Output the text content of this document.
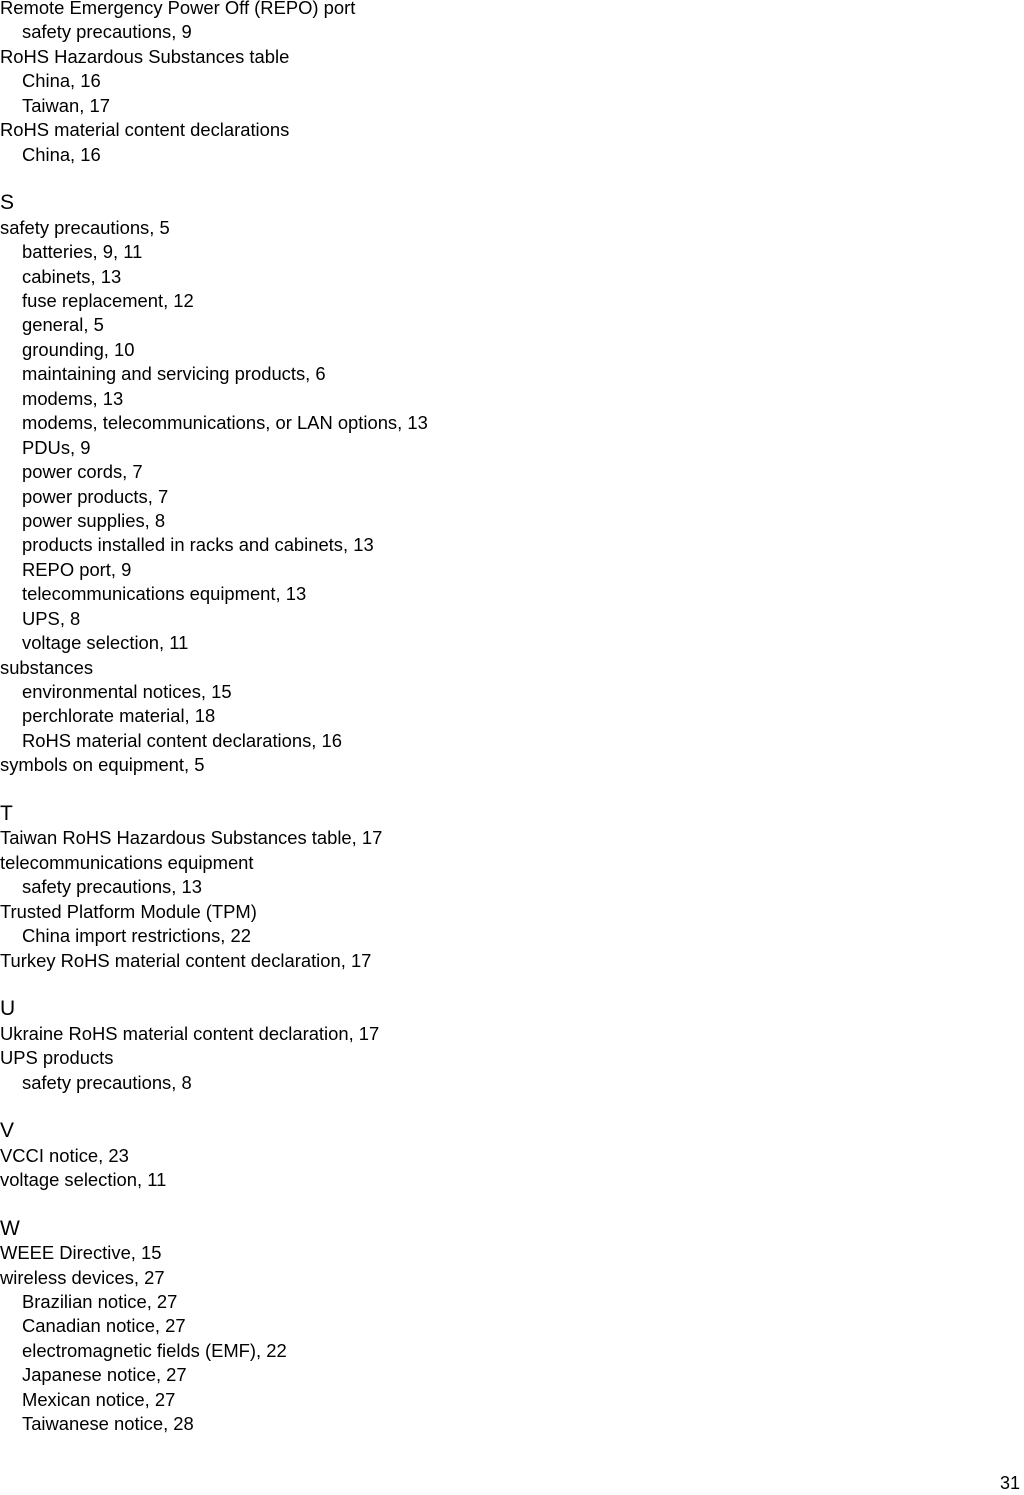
Remote Emergency Power Off (REPO) port
safety precautions, 9
RoHS Hazardous Substances table
China, 16
Taiwan, 17
RoHS material content declarations
China, 16
S
safety precautions, 5
batteries, 9, 11
cabinets, 13
fuse replacement, 12
general, 5
grounding, 10
maintaining and servicing products, 6
modems, 13
modems, telecommunications, or LAN options, 13
PDUs, 9
power cords, 7
power products, 7
power supplies, 8
products installed in racks and cabinets, 13
REPO port, 9
telecommunications equipment, 13
UPS, 8
voltage selection, 11
substances
environmental notices, 15
perchlorate material, 18
RoHS material content declarations, 16
symbols on equipment, 5
T
Taiwan RoHS Hazardous Substances table, 17
telecommunications equipment
safety precautions, 13
Trusted Platform Module (TPM)
China import restrictions, 22
Turkey RoHS material content declaration, 17
U
Ukraine RoHS material content declaration, 17
UPS products
safety precautions, 8
V
VCCI notice, 23
voltage selection, 11
W
WEEE Directive, 15
wireless devices, 27
Brazilian notice, 27
Canadian notice, 27
electromagnetic fields (EMF), 22
Japanese notice, 27
Mexican notice, 27
Taiwanese notice, 28
31
